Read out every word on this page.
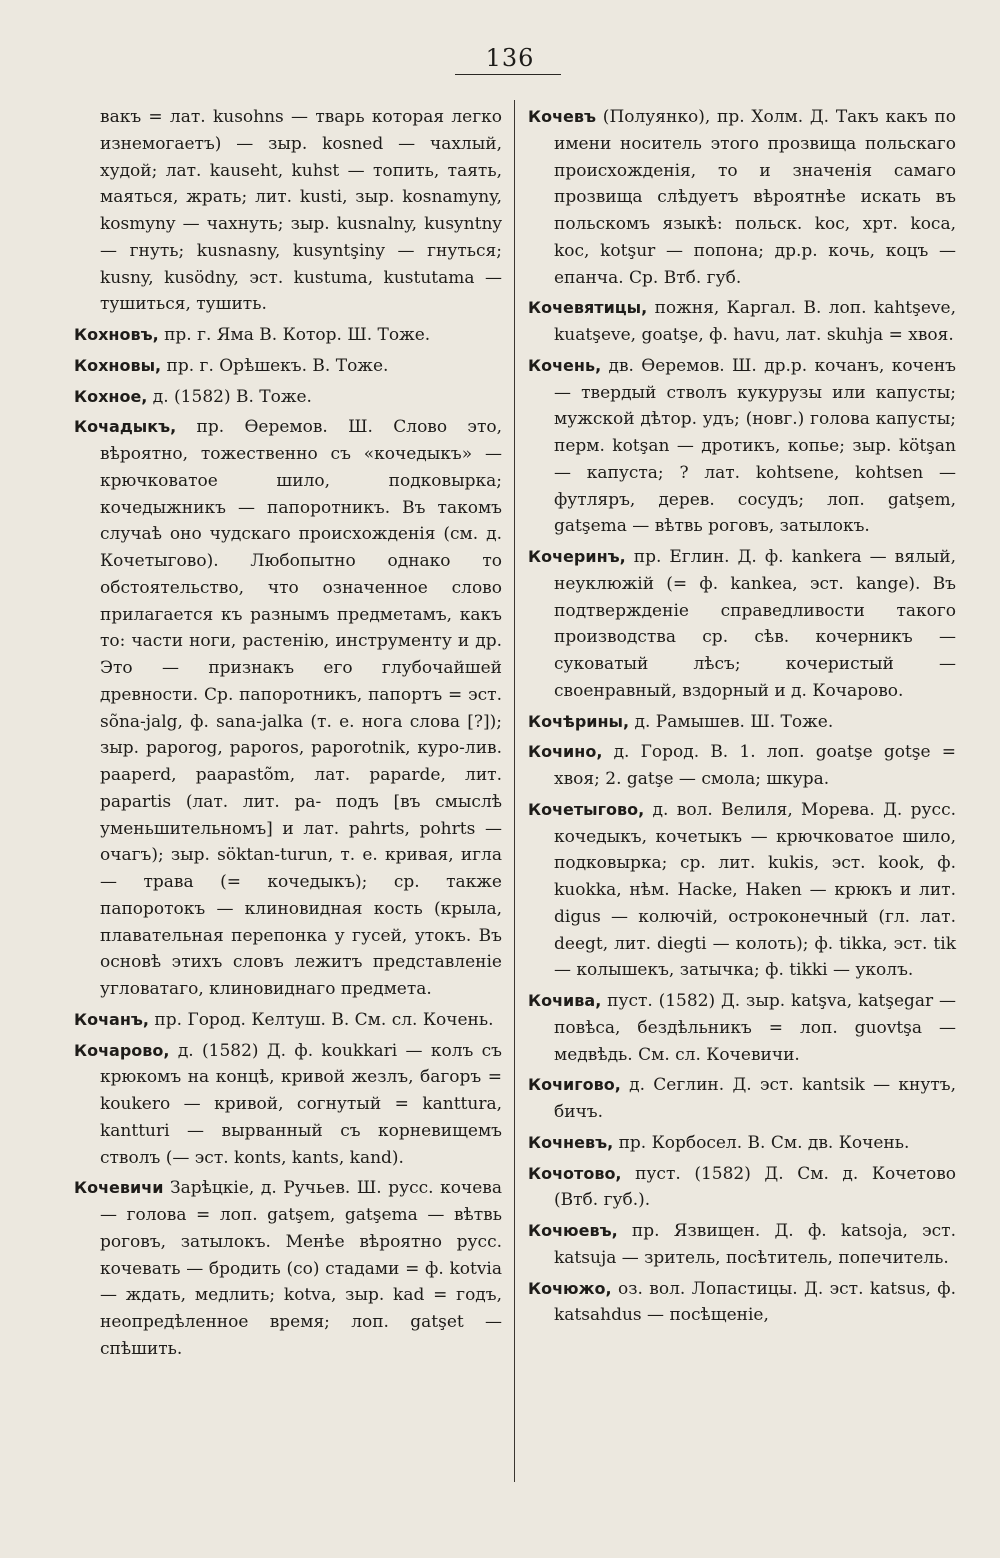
136

вакъ = лат. kusohns — тварь которая легко изнемогаетъ) — зыр. kosned — чахлый, худой; лат. kauseht, kuhst — топить, таять, маяться, жрать; лит. kusti, зыр. kosnamyny, kosmyny — чахнуть; зыр. kusnalny, kusyntny — гнуть; kusnasny, kusyntşiny — гнуться; kusny, kusödny, эст. kustuma, kustutama — тушиться, тушить.

Кохновъ, пр. г. Яма В. Котор. Ш. Тоже.

Кохновы, пр. г. Орѣшекъ. В. Тоже.

Кохное, д. (1582) В. Тоже.

Кочадыкъ, пр. Өеремов. Ш. Слово это, вѣроятно, тожественно съ «кочедыкъ» — крючковатое шило, подковырка; кочедыжникъ — папоротникъ. Въ такомъ случаѣ оно чудскаго происхожденія (см. д. Кочетыгово). Любопытно однако то обстоятельство, что означенное слово прилагается къ разнымъ предметамъ, какъ то: части ноги, растенію, инструменту и др. Это — признакъ его глубочайшей древности. Ср. папоротникъ, папортъ = эст. sõna-jalg, ф. sana-jalka (т. е. нога слова [?]); зыр. paporog, paporos, paporotnik, куро-лив. paaperd, paapastõm, лат. paparde, лит. papartis (лат. лит. pa- подъ [въ смыслѣ уменьшительномъ] и лат. pahrts, pohrts — очагъ); зыр. söktan-turun, т. е. кривая, игла — трава (= кочедыкъ); ср. также папоротокъ — клиновидная кость (крыла, плавательная перепонка у гусей, утокъ. Въ основѣ этихъ словъ лежитъ представленіе угловатаго, клиновиднаго предмета.

Кочанъ, пр. Город. Келтуш. В. См. сл. Кочень.

Кочарово, д. (1582) Д. ф. koukkari — колъ съ крюкомъ на концѣ, кривой жезлъ, багоръ = koukero — кривой, согнутый = kanttura, kantturi — вырванный съ корневищемъ стволъ (— эст. konts, kants, kand).

Кочевичи Зарѣцкіе, д. Ручьев. Ш. русс. кочева — голова = лоп. gatşem, gatşema — вѣтвь роговъ, затылокъ. Менѣе вѣроятно русс. кочевать — бродить (со) стадами = ф. kotvia — ждать, медлить; kotva, зыр. kad = годъ, неопредѣленное время; лоп. gatşet — спѣшить.

Кочевъ (Полуянко), пр. Холм. Д. Такъ какъ по имени носитель этого прозвища польскаго происхожденія, то и значенія самаго прозвища слѣдуетъ вѣроятнѣе искать въ польскомъ языкѣ: польск. koc, хрт. koca, koc, kotşur — попона; др.р. кочь, коцъ — епанча. Ср. Втб. губ.

Кочевятицы, пожня, Каргал. В. лоп. kahtşeve, kuatşeve, goatşe, ф. havu, лат. skuhja = хвоя.

Кочень, дв. Өеремов. Ш. др.р. кочанъ, коченъ — твердый стволъ кукурузы или капусты; мужской дѣтор. удъ; (новг.) голова капусты; перм. kotşan — дротикъ, копье; зыр. kötşan — капуста; ? лат. kohtsene, kohtsen — футляръ, дерев. сосудъ; лоп. gatşem, gatşema — вѣтвь роговъ, затылокъ.

Кочеринъ, пр. Еглин. Д. ф. kankera — вялый, неуклюжій (= ф. kankea, эст. kange). Въ подтвержденіе справедливости такого производства ср. сѣв. кочерникъ — суковатый лѣсъ; кочеристый — своенравный, вздорный и д. Кочарово.

Кочѣрины, д. Рамышев. Ш. Тоже.

Кочино, д. Город. В. 1. лоп. goatşe gotşe = хвоя; 2. gatşe — смола; шкура.

Кочетыгово, д. вол. Велиля, Морева. Д. русс. кочедыкъ, кочетыкъ — крючковатое шило, подковырка; ср. лит. kukis, эст. kook, ф. kuokka, нѣм. Hacke, Haken — крюкъ и лит. digus — колючій, остроконечный (гл. лат. deegt, лит. diegti — колоть); ф. tikka, эст. tik — колышекъ, затычка; ф. tikki — уколъ.

Кочива, пуст. (1582) Д. зыр. katşva, katşegar — повѣса, бездѣльникъ = лоп. guovtşa — медвѣдь. См. сл. Кочевичи.

Кочигово, д. Сеглин. Д. эст. kantsik — кнутъ, бичъ.

Кочневъ, пр. Корбосел. В. См. дв. Кочень.

Кочотово, пуст. (1582) Д. См. д. Кочетово (Втб. губ.).

Кочюевъ, пр. Язвищен. Д. ф. katsoja, эст. katsuja — зритель, посѣтитель, попечитель.

Кочюжо, оз. вол. Лопастицы. Д. эст. katsus, ф. katsahdus — посѣщеніе,
